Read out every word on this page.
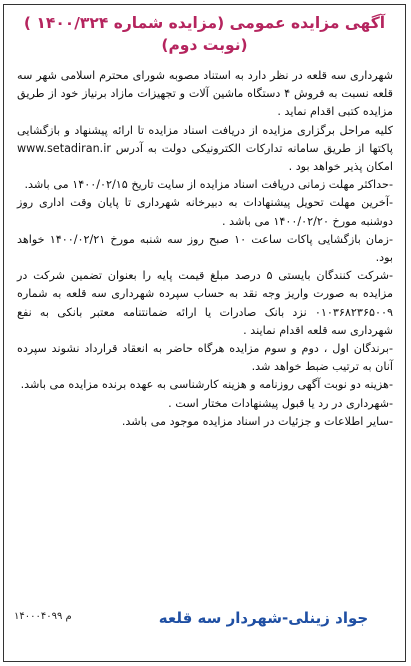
آگهی مزایده عمومی (مزایده شماره ۱۴۰۰/۳۲۴ )
(نوبت دوم)

شهرداری سه قلعه در نظر دارد به استناد مصوبه شورای محترم اسلامی شهر سه قلعه نسبت به فروش ۴ دستگاه ماشین آلات و تجهیزات مازاد برنیاز خود از طریق مزایده کتبی اقدام نماید .

کلیه مراحل برگزاری مزایده از دریافت اسناد مزایده تا ارائه پیشنهاد و بازگشایی پاکتها از طریق سامانه تدارکات الکترونیکی دولت به آدرس www.setadiran.ir امکان پذیر خواهد بود .

-حداکثر مهلت زمانی دریافت اسناد مزایده از سایت تاریخ ۱۴۰۰/۰۲/۱۵ می باشد.

-آخرین مهلت تحویل پیشنهادات به دبیرخانه شهرداری تا پایان وقت اداری روز دوشنبه مورخ ۱۴۰۰/۰۲/۲۰ می باشد .

-زمان بازگشایی پاکات ساعت ۱۰ صبح روز سه شنبه مورخ ۱۴۰۰/۰۲/۲۱ خواهد بود.

-شرکت کنندگان بایستی ۵ درصد مبلغ قیمت پایه را بعنوان تضمین شرکت در مزایده به صورت واریز وجه نقد به حساب سپرده شهرداری سه قلعه به شماره ۰۱۰۳۶۸۲۳۶۵۰۰۹ نزد بانک صادرات یا ارائه ضمانتنامه معتبر بانکی به نفع شهرداری سه قلعه اقدام نمایند .

-برندگان اول ، دوم و سوم مزایده هرگاه حاضر به انعقاد قرارداد نشوند سپرده آنان به ترتیب ضبط خواهد شد.

-هزینه دو نوبت آگهی روزنامه و هزینه کارشناسی به عهده برنده مزایده می باشد.

-شهرداری در رد یا قبول پیشنهادات مختار است .

-سایر اطلاعات و جزئیات در اسناد مزایده موجود می باشد.

جواد زینلی-شهردار سه قلعه
م ۱۴۰۰۰۴۰۹۹
